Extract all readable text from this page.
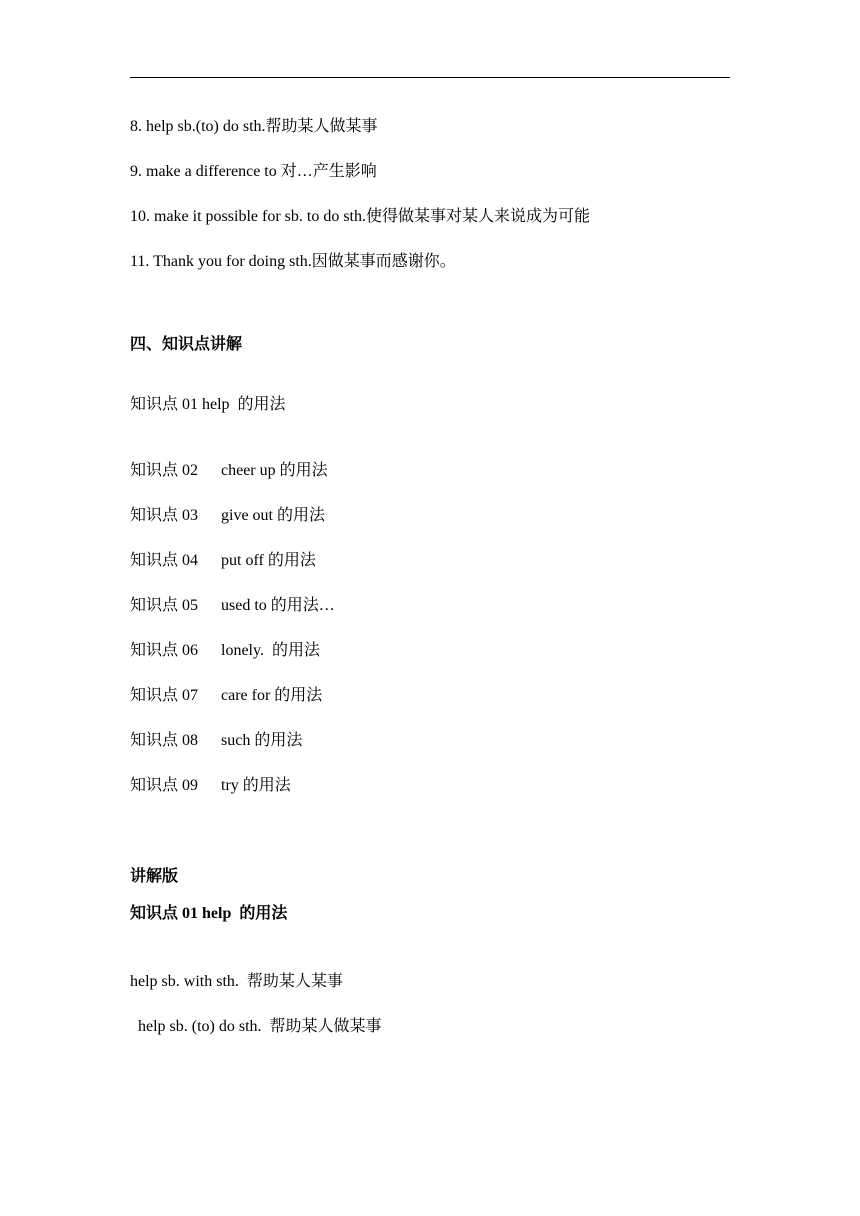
8. help sb.(to) do sth.帮助某人做某事
9. make a difference to 对…产生影响
10. make it possible for sb. to do sth.使得做某事对某人来说成为可能
11. Thank you for doing sth.因做某事而感谢你。
四、知识点讲解
知识点 01 help  的用法
知识点 02 cheer up 的用法
知识点 03 give out 的用法
知识点 04 put off 的用法
知识点 05 used to 的用法…
知识点 06 lonely.  的用法
知识点 07 care for 的用法
知识点 08 such 的用法
知识点 09 try 的用法
讲解版
知识点 01 help  的用法
help sb. with sth.  帮助某人某事
help sb. (to) do sth.  帮助某人做某事
